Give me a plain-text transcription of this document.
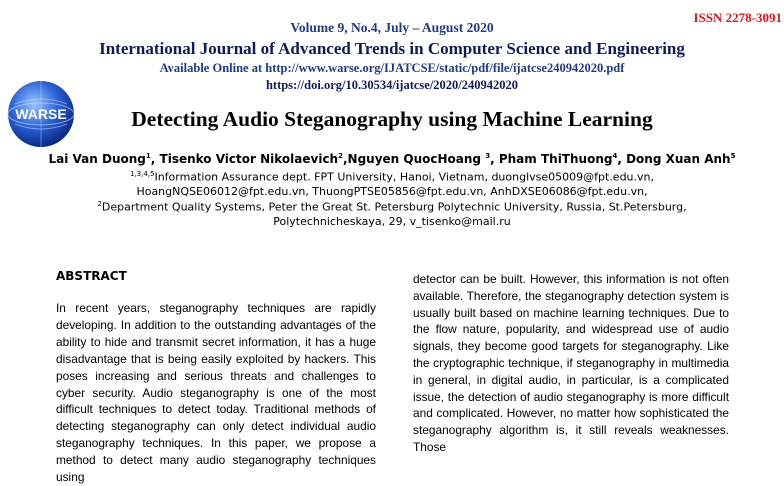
ISSN 2278-3091
Volume 9, No.4, July – August 2020
International Journal of Advanced Trends in Computer Science and Engineering
Available Online at http://www.warse.org/IJATCSE/static/pdf/file/ijatcse240942020.pdf
https://doi.org/10.30534/ijatcse/2020/240942020
WARSE	Detecting Audio Steganography using Machine Learning
Lai Van Duong$^1$, Tisenko Victor Nikolaevich$^2$,Nguyen QuocHoang $^3$, Pham ThiThuong$^4$, Dong Xuan Anh$^5$
$^{1,3,4,5}$Information Assurance dept. FPT University, Hanoi, Vietnam, duonglvse05009@fpt.edu.vn,
HoangNQSE06012@fpt.edu.vn, ThuongPTSE05856@fpt.edu.vn, AnhDXSE06086@fpt.edu.vn,
$^2$Department Quality Systems, Peter the Great St. Petersburg Polytechnic University, Russia, St.Petersburg,
Polytechnicheskaya, 29, v_tisenko@mail.ru
ABSTRACT

In recent years, steganography techniques are rapidly developing. In addition to the outstanding advantages of the ability to hide and transmit secret information, it has a huge disadvantage that is being easily exploited by hackers. This poses increasing and serious threats and challenges to cyber security. Audio steganography is one of the most difficult techniques to detect today. Traditional methods of detecting steganography can only detect individual audio steganography techniques. In this paper, we propose a method to detect many audio steganography techniques using

detector can be built. However, this information is not often available. Therefore, the steganography detection system is usually built based on machine learning techniques. Due to the flow nature, popularity, and widespread use of audio signals, they become good targets for steganography. Like the cryptographic technique, if steganography in multimedia in general, in digital audio, in particular, is a complicated issue, the detection of audio steganography is more difficult and complicated. However, no matter how sophisticated the steganography algorithm is, it still reveals weaknesses. Those
